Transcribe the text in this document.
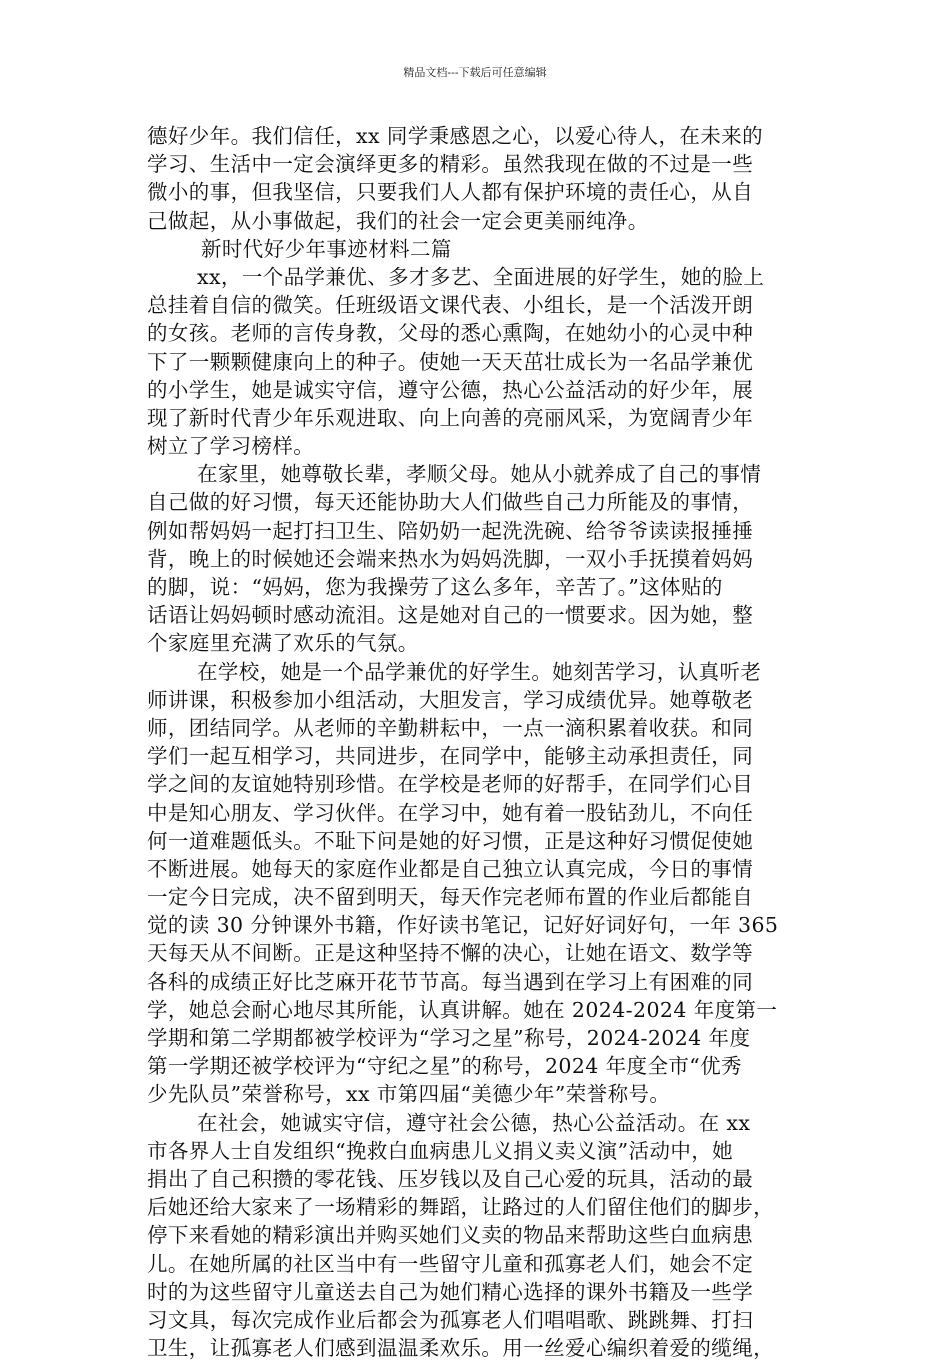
精品文档---下载后可任意编辑
德好少年。我们信任，xx 同学秉感恩之心，以爱心待人，在未来的
学习、生活中一定会演绎更多的精彩。虽然我现在做的不过是一些
微小的事，但我坚信，只要我们人人都有保护环境的责任心，从自
己做起，从小事做起，我们的社会一定会更美丽纯净。
新时代好少年事迹材料二篇
xx，一个品学兼优、多才多艺、全面进展的好学生，她的脸上
总挂着自信的微笑。任班级语文课代表、小组长，是一个活泼开朗
的女孩。老师的言传身教，父母的悉心熏陶，在她幼小的心灵中种
下了一颗颗健康向上的种子。使她一天天茁壮成长为一名品学兼优
的小学生，她是诚实守信，遵守公德，热心公益活动的好少年，展
现了新时代青少年乐观进取、向上向善的亮丽风采，为宽阔青少年
树立了学习榜样。
在家里，她尊敬长辈，孝顺父母。她从小就养成了自己的事情
自己做的好习惯，每天还能协助大人们做些自己力所能及的事情，
例如帮妈妈一起打扫卫生、陪奶奶一起洗洗碗、给爷爷读读报捶捶
背，晚上的时候她还会端来热水为妈妈洗脚，一双小手抚摸着妈妈
的脚，说：“妈妈，您为我操劳了这么多年，辛苦了。”这体贴的
话语让妈妈顿时感动流泪。这是她对自己的一惯要求。因为她，整
个家庭里充满了欢乐的气氛。
在学校，她是一个品学兼优的好学生。她刻苦学习，认真听老
师讲课，积极参加小组活动，大胆发言，学习成绩优异。她尊敬老
师，团结同学。从老师的辛勤耕耘中，一点一滴积累着收获。和同
学们一起互相学习，共同进步，在同学中，能够主动承担责任，同
学之间的友谊她特别珍惜。在学校是老师的好帮手，在同学们心目
中是知心朋友、学习伙伴。在学习中，她有着一股钻劲儿，不向任
何一道难题低头。不耻下问是她的好习惯，正是这种好习惯促使她
不断进展。她每天的家庭作业都是自己独立认真完成，今日的事情
一定今日完成，决不留到明天，每天作完老师布置的作业后都能自
觉的读 30 分钟课外书籍，作好读书笔记，记好好词好句，一年 365
天每天从不间断。正是这种坚持不懈的决心，让她在语文、数学等
各科的成绩正好比芝麻开花节节高。每当遇到在学习上有困难的同
学，她总会耐心地尽其所能，认真讲解。她在 2024-2024 年度第一
学期和第二学期都被学校评为“学习之星”称号，2024-2024 年度
第一学期还被学校评为“守纪之星”的称号，2024 年度全市“优秀
少先队员”荣誉称号，xx 市第四届“美德少年”荣誉称号。
在社会，她诚实守信，遵守社会公德，热心公益活动。在 xx
市各界人士自发组织“挽救白血病患儿义捐义卖义演”活动中，她
捐出了自己积攒的零花钱、压岁钱以及自己心爱的玩具，活动的最
后她还给大家来了一场精彩的舞蹈，让路过的人们留住他们的脚步，
停下来看她的精彩演出并购买她们义卖的物品来帮助这些白血病患
儿。在她所属的社区当中有一些留守儿童和孤寡老人们，她会不定
时的为这些留守儿童送去自己为她们精心选择的课外书籍及一些学
习文具，每次完成作业后都会为孤寡老人们唱唱歌、跳跳舞、打扫
卫生，让孤寡老人们感到温温柔欢乐。用一丝爱心编织着爱的缆绳，
